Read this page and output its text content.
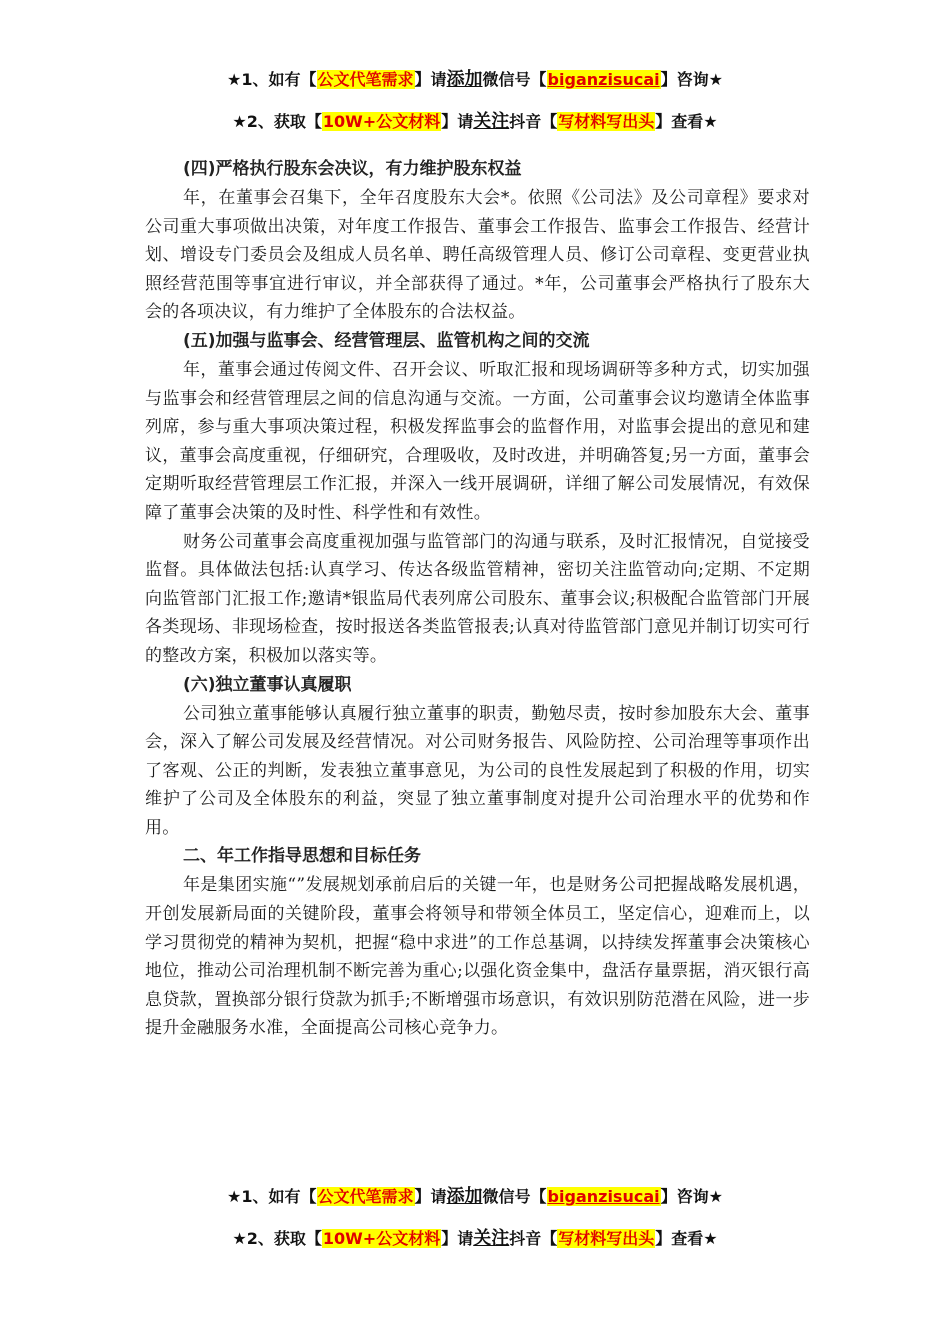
★1、如有【公文代笔需求】请添加微信号【biganzisucai】咨询★
★2、获取【10W+公文材料】请关注抖音【写材料写出头】查看★

(四)严格执行股东会决议，有力维护股东权益

年，在董事会召集下，全年召度股东大会*。依照《公司法》及公司章程》要求对公司重大事项做出决策，对年度工作报告、董事会工作报告、监事会工作报告、经营计划、增设专门委员会及组成人员名单、聘任高级管理人员、修订公司章程、变更营业执照经营范围等事宜进行审议，并全部获得了通过。*年，公司董事会严格执行了股东大会的各项决议，有力维护了全体股东的合法权益。

(五)加强与监事会、经营管理层、监管机构之间的交流

年，董事会通过传阅文件、召开会议、听取汇报和现场调研等多种方式，切实加强与监事会和经营管理层之间的信息沟通与交流。一方面，公司董事会议均邀请全体监事列席，参与重大事项决策过程，积极发挥监事会的监督作用，对监事会提出的意见和建议，董事会高度重视，仔细研究，合理吸收，及时改进，并明确答复;另一方面，董事会定期听取经营管理层工作汇报，并深入一线开展调研，详细了解公司发展情况，有效保障了董事会决策的及时性、科学性和有效性。

财务公司董事会高度重视加强与监管部门的沟通与联系，及时汇报情况，自觉接受监督。具体做法包括:认真学习、传达各级监管精神，密切关注监管动向;定期、不定期向监管部门汇报工作;邀请*银监局代表列席公司股东、董事会议;积极配合监管部门开展各类现场、非现场检查，按时报送各类监管报表;认真对待监管部门意见并制订切实可行的整改方案，积极加以落实等。

(六)独立董事认真履职

公司独立董事能够认真履行独立董事的职责，勤勉尽责，按时参加股东大会、董事会，深入了解公司发展及经营情况。对公司财务报告、风险防控、公司治理等事项作出了客观、公正的判断，发表独立董事意见，为公司的良性发展起到了积极的作用，切实维护了公司及全体股东的利益，突显了独立董事制度对提升公司治理水平的优势和作用。

二、年工作指导思想和目标任务

年是集团实施“”发展规划承前启后的关键一年，也是财务公司把握战略发展机遇，开创发展新局面的关键阶段，董事会将领导和带领全体员工，坚定信心，迎难而上，以学习贯彻党的精神为契机，把握“稳中求进”的工作总基调，以持续发挥董事会决策核心地位，推动公司治理机制不断完善为重心;以强化资金集中，盘活存量票据，消灭银行高息贷款，置换部分银行贷款为抓手;不断增强市场意识，有效识别防范潜在风险，进一步提升金融服务水准，全面提高公司核心竞争力。

★1、如有【公文代笔需求】请添加微信号【biganzisucai】咨询★
★2、获取【10W+公文材料】请关注抖音【写材料写出头】查看★
